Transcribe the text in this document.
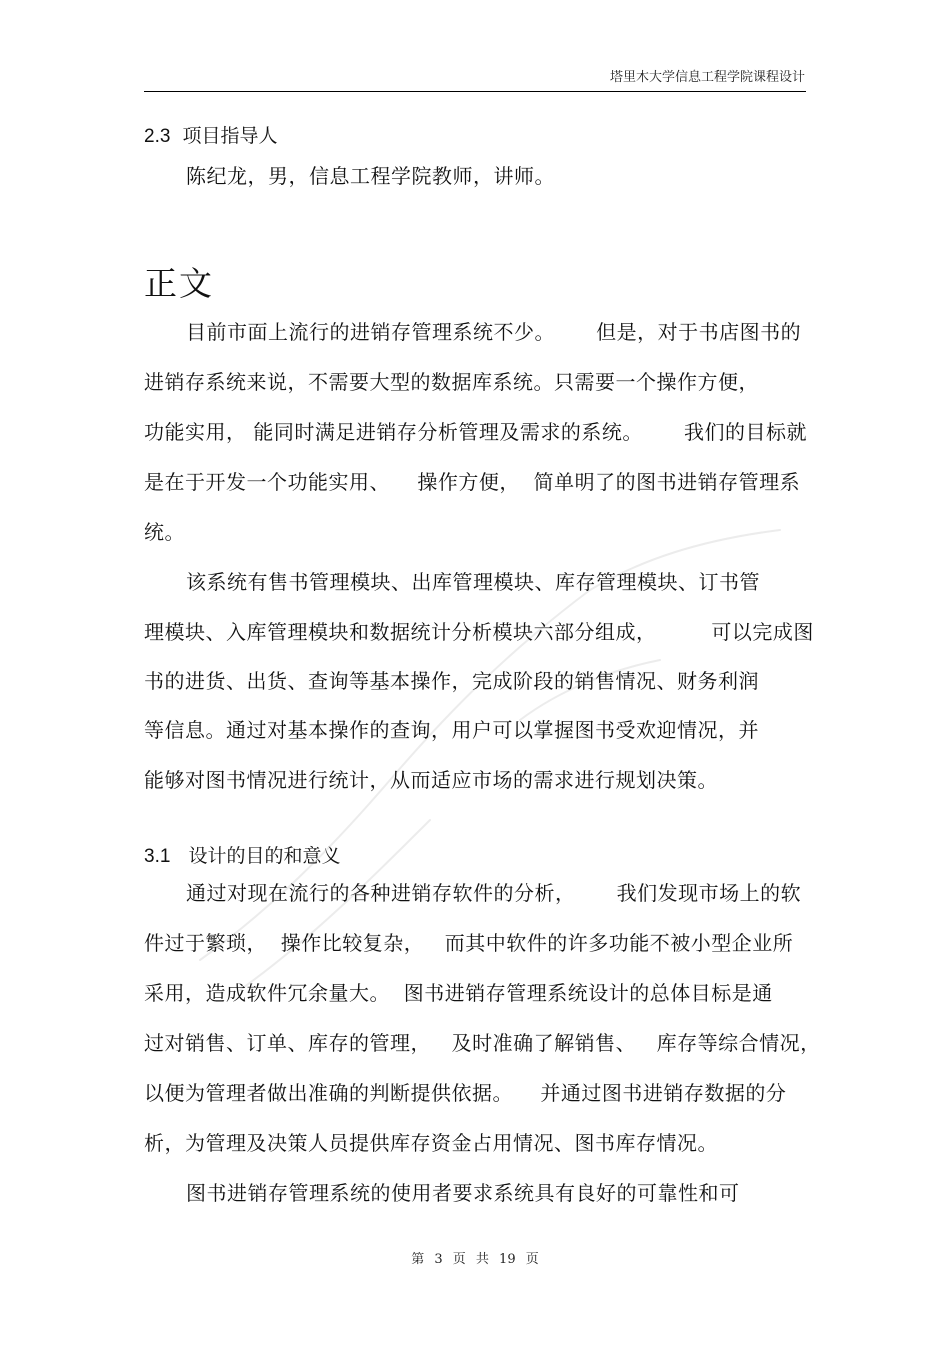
塔里木大学信息工程学院课程设计
2.3 项目指导人
陈纪龙，男，信息工程学院教师，讲师。
正文
目前市面上流行的进销存管理系统不少。      但是，对于书店图书的
进销存系统来说，不需要大型的数据库系统。只需要一个操作方便，
功能实用， 能同时满足进销存分析管理及需求的系统。      我们的目标就
是在于开发一个功能实用、    操作方便，  简单明了的图书进销存管理系
统。
该系统有售书管理模块、出库管理模块、库存管理模块、订书管
理模块、入库管理模块和数据统计分析模块六部分组成，        可以完成图
书的进货、出货、查询等基本操作，完成阶段的销售情况、财务利润
等信息。通过对基本操作的查询，用户可以掌握图书受欢迎情况，并
能够对图书情况进行统计，从而适应市场的需求进行规划决策。
3.1 设计的目的和意义
通过对现在流行的各种进销存软件的分析，      我们发现市场上的软
件过于繁琐，  操作比较复杂，   而其中软件的许多功能不被小型企业所
采用，造成软件冗余量大。  图书进销存管理系统设计的总体目标是通
过对销售、订单、库存的管理，   及时准确了解销售、   库存等综合情况，
以便为管理者做出准确的判断提供依据。    并通过图书进销存数据的分
析，为管理及决策人员提供库存资金占用情况、图书库存情况。
图书进销存管理系统的使用者要求系统具有良好的可靠性和可
第 3 页 共 19 页
